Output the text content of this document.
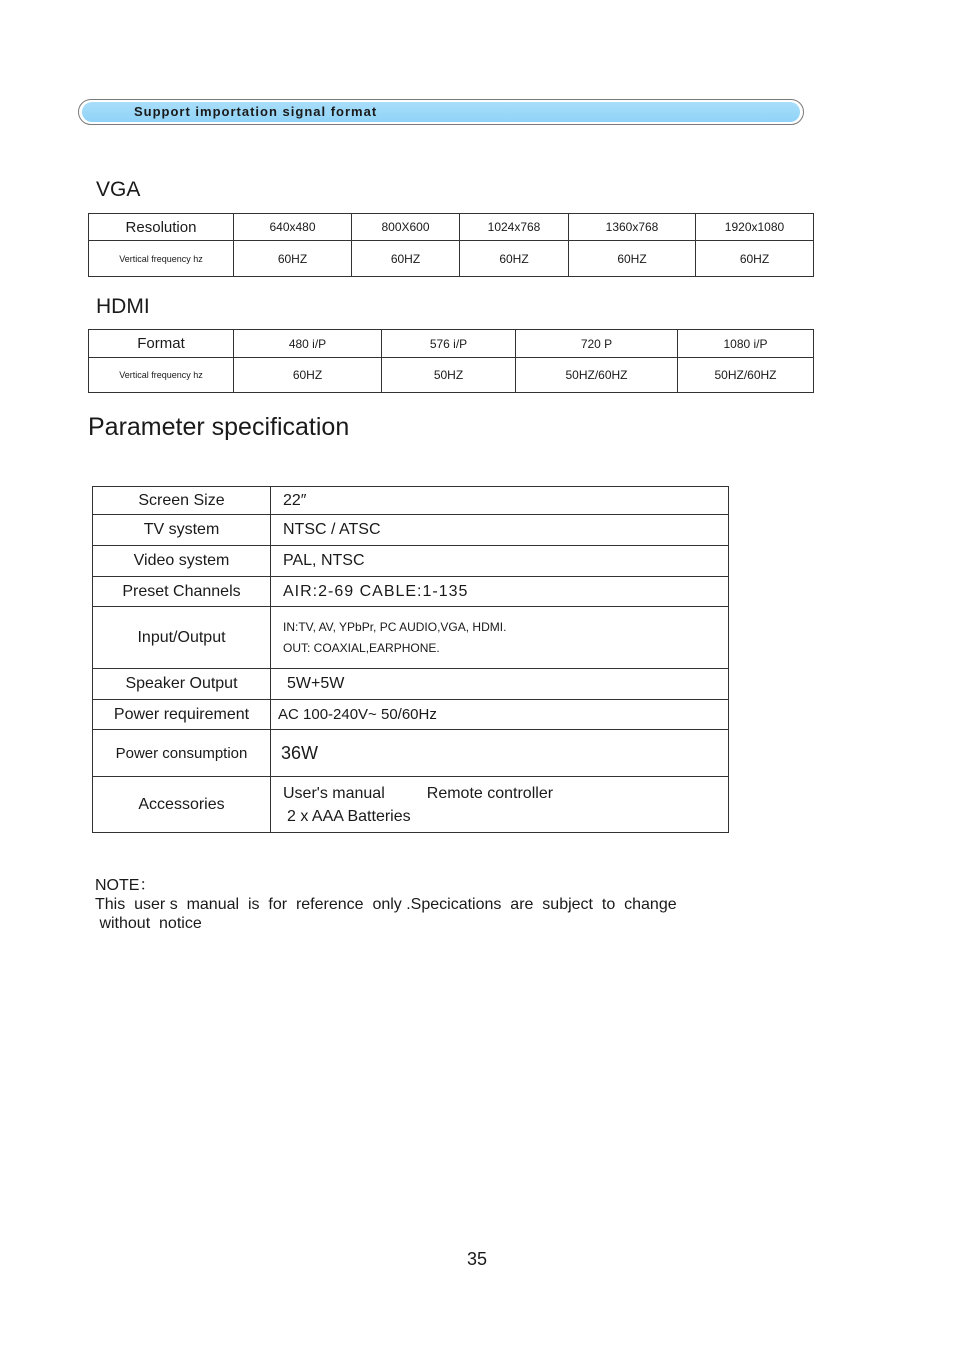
Support importation signal format
VGA
Resolution	640x480	800X600	1024x768	1360x768	1920x1080
Vertical frequency hz	60HZ	60HZ	60HZ	60HZ	60HZ
HDMI
Format	480 i/P	576 i/P	720 P	1080 i/P
Vertical frequency hz	60HZ	50HZ	50HZ/60HZ	50HZ/60HZ
Parameter specification
Screen Size	22″
TV system	NTSC / ATSC
Video system	PAL, NTSC
Preset Channels	AIR:2-69 CABLE:1-135
Input/Output	IN:TV, AV, YPbPr, PC AUDIO,VGA, HDMI.
OUT: COAXIAL,EARPHONE.

Speaker Output	5W+5W
Power requirement	AC 100-240V~ 50/60Hz
Power consumption	36W
Accessories	User's manual Remote controller
2 x AAA Batteries
NOTE：
This  user s  manual  is  for  reference  only .Specications  are  subject  to  change
without  notice
35
